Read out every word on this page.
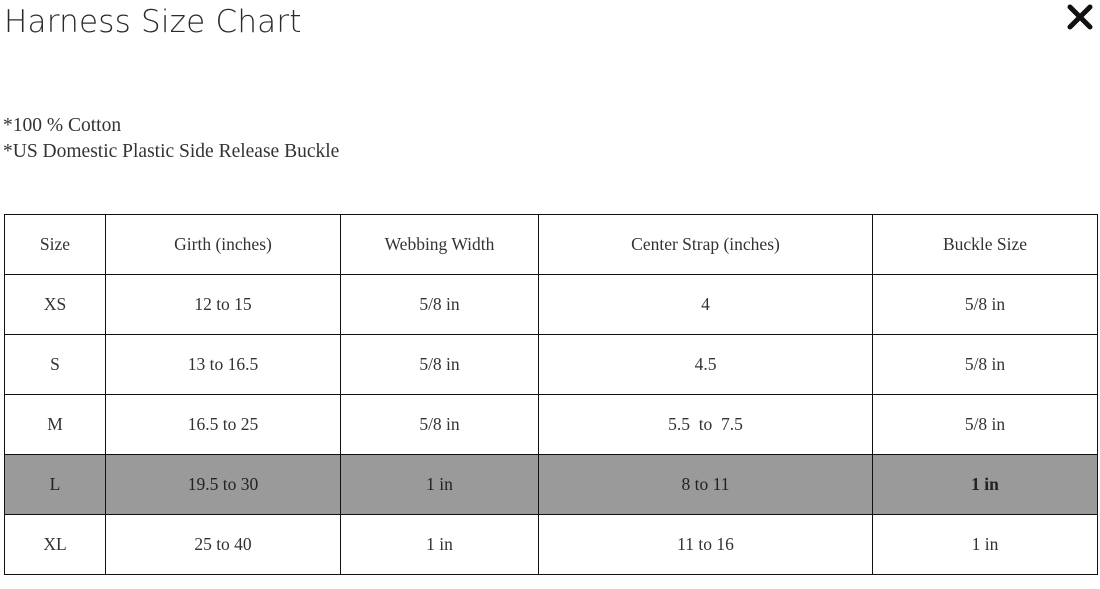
Harness Size Chart
*100 % Cotton
*US Domestic Plastic Side Release Buckle
Size	Girth (inches)	Webbing Width	Center Strap (inches)	Buckle Size
XS	12 to 15	5/8 in	4	5/8 in
S	13 to 16.5	5/8 in	4.5	5/8 in
M	16.5 to 25	5/8 in	5.5  to  7.5	5/8 in
L	19.5 to 30	1 in	8 to 11	1 in
XL	25 to 40	1 in	11 to 16	1 in
